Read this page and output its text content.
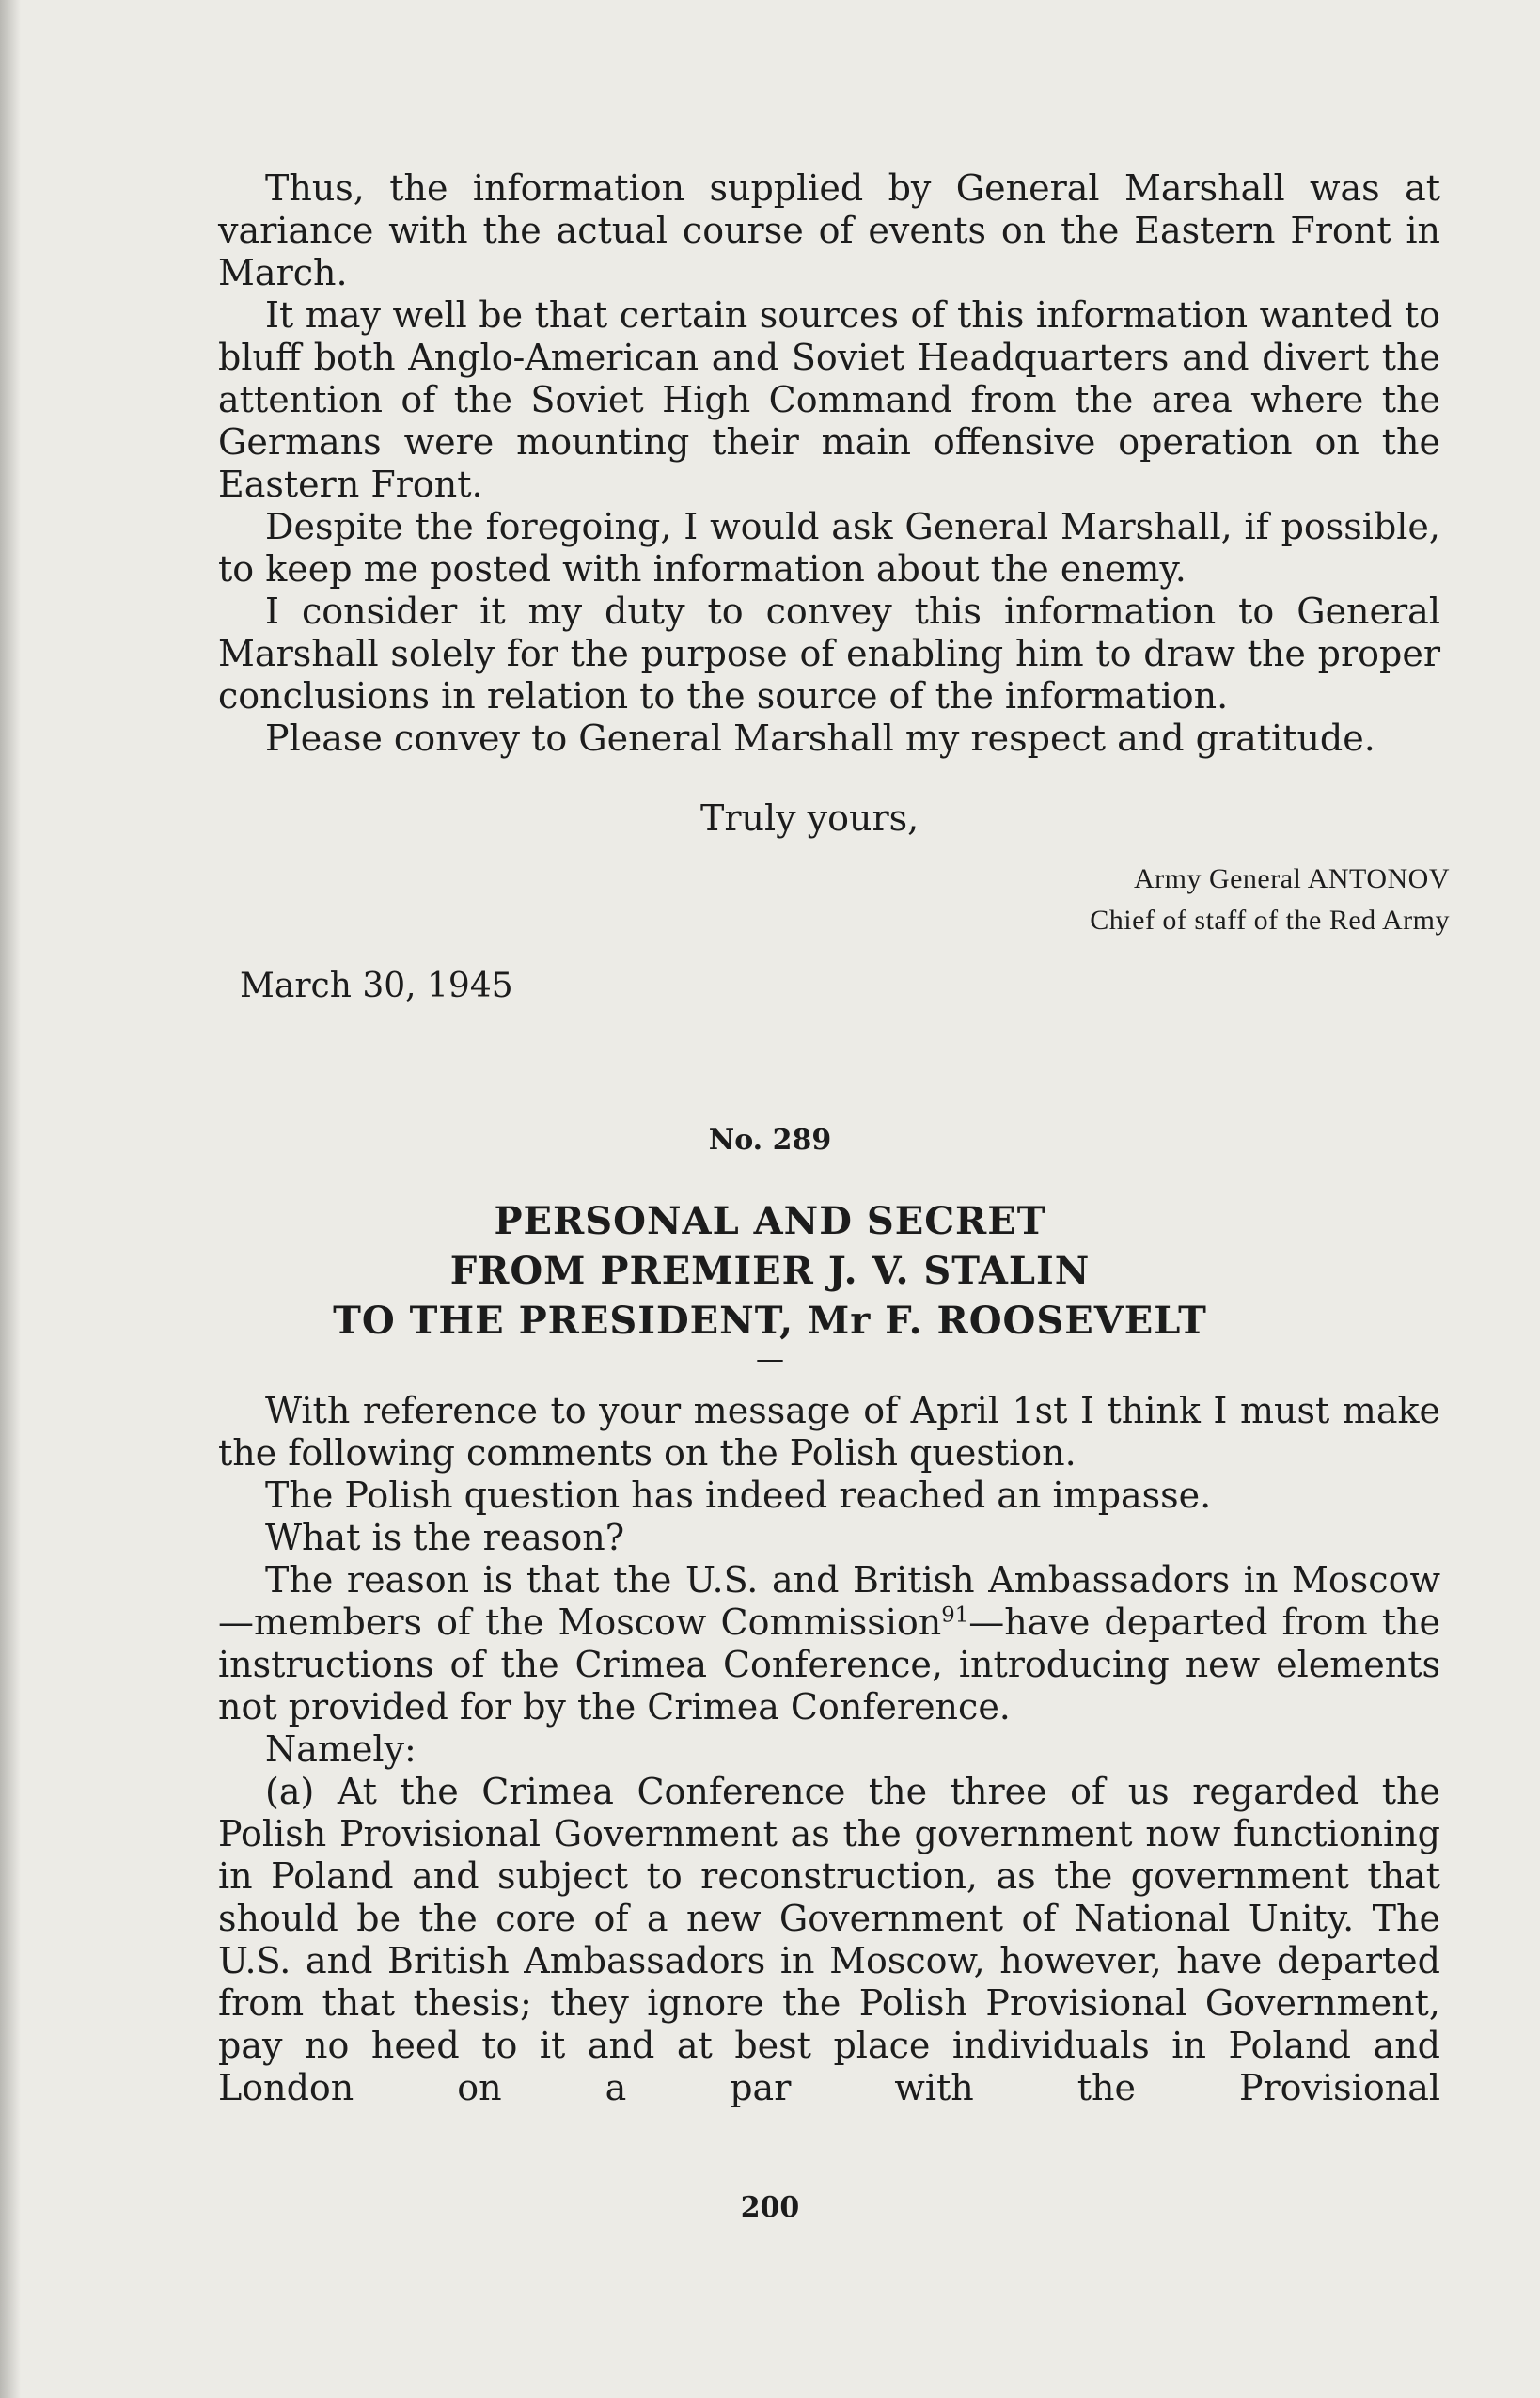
Thus, the information supplied by General Marshall was at variance with the actual course of events on the Eastern Front in March.

It may well be that certain sources of this information wanted to bluff both Anglo-American and Soviet Headquarters and divert the attention of the Soviet High Command from the area where the Germans were mounting their main offensive operation on the Eastern Front.

Despite the foregoing, I would ask General Marshall, if possible, to keep me posted with information about the enemy.

I consider it my duty to convey this information to General Marshall solely for the purpose of enabling him to draw the proper conclusions in relation to the source of the information.

Please convey to General Marshall my respect and gratitude.

Truly yours,
Army General ANTONOV
Chief of staff of the Red Army
March 30, 1945
No. 289
PERSONAL AND SECRET
FROM PREMIER J. V. STALIN
TO THE PRESIDENT, Mr F. ROOSEVELT
—

With reference to your message of April 1st I think I must make the following comments on the Polish question.

The Polish question has indeed reached an impasse.

What is the reason?

The reason is that the U.S. and British Ambassadors in Moscow—members of the Moscow Commission$^{91}$—have departed from the instructions of the Crimea Conference, introducing new elements not provided for by the Crimea Conference.

Namely:

(a) At the Crimea Conference the three of us regarded the Polish Provisional Government as the government now functioning in Poland and subject to reconstruction, as the government that should be the core of a new Government of National Unity. The U.S. and British Ambassadors in Moscow, however, have departed from that thesis; they ignore the Polish Provisional Government, pay no heed to it and at best place individuals in Poland and London on a par with the Provisional

200
